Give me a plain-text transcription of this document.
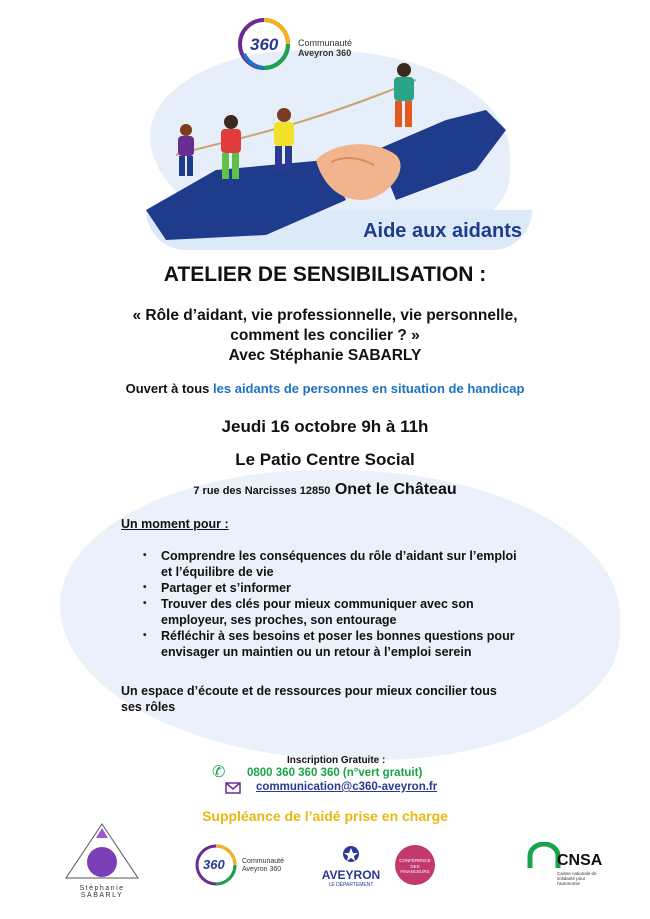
360 Communauté
Aveyron 360
Aide aux aidants
ATELIER DE SENSIBILISATION :
« Rôle d’aidant, vie professionnelle, vie personnelle,
comment les concilier ? »
Avec Stéphanie SABARLY
Ouvert à tous les aidants de personnes en situation de handicap
Jeudi 16 octobre 9h à 11h
Le Patio Centre Social
7 rue des Narcisses 12850 Onet le Château
Un moment pour :
• Comprendre les conséquences du rôle d’aidant sur l’emploi
et l’équilibre de vie
• Partager et s’informer
• Trouver des clés pour mieux communiquer avec son
employeur, ses proches, son entourage
• Réfléchir à ses besoins et poser les bonnes questions pour
envisager un maintien ou un retour à l’emploi serein
Un espace d’écoute et de ressources pour mieux concilier tous
ses rôles
Inscription Gratuite :
✆ 0800 360 360 360 (n°vert gratuit)
communication@c360-aveyron.fr
Suppléance de l’aidé prise en charge
Stéphanie SABARLY
360 Communauté
Aveyron 360	AVEYRON
LE DÉPARTEMENT
CONFÉRENCE
DES
FINANCEURS
CNSA
Caisse nationale de
solidarité pour l’autonomie
